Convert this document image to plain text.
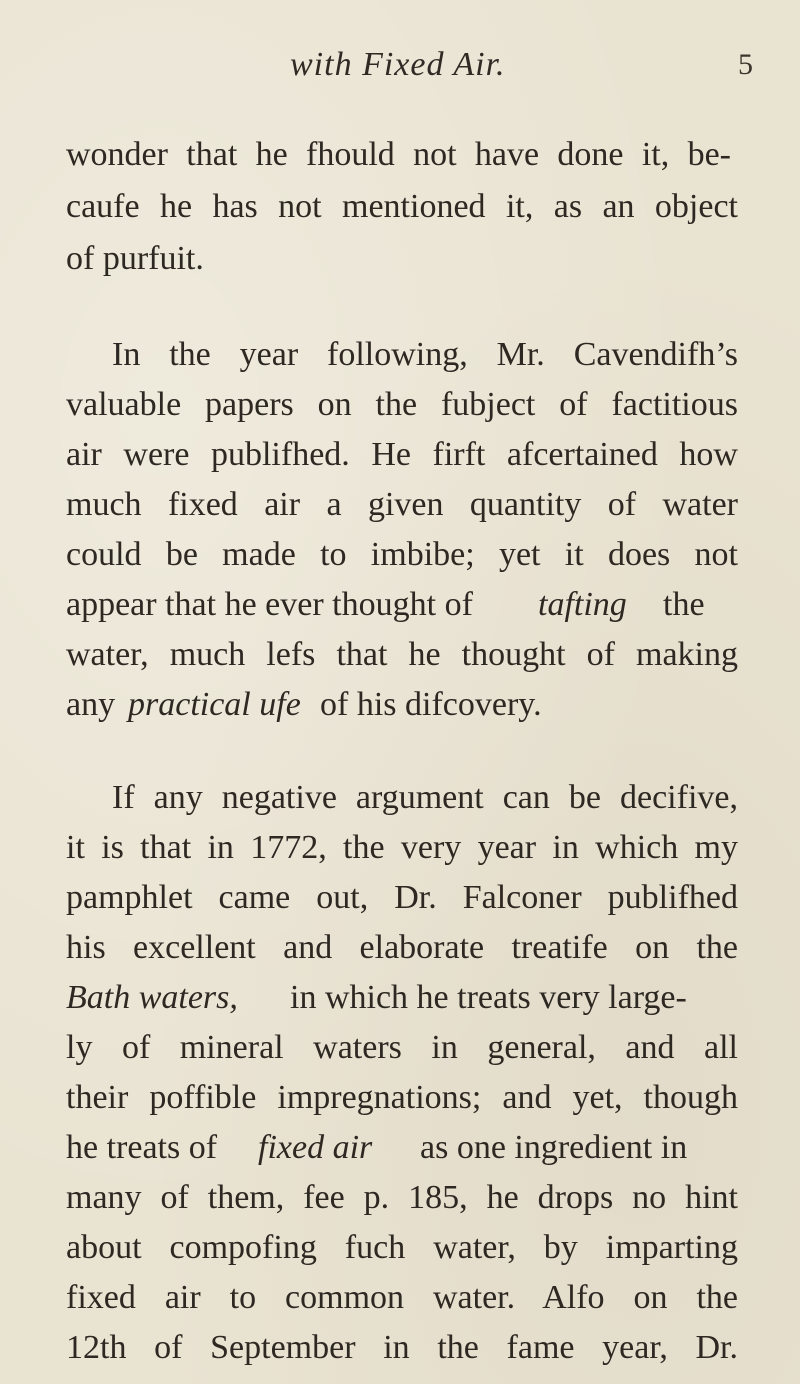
with Fixed Air.	5
wonder that he fhould not have done it, be-
caufe he has not mentioned it, as an object
of purfuit.
In the year following, Mr. Cavendifh’s
valuable papers on the fubject of factitious
air were publifhed. He firft afcertained how
much fixed air a given quantity of water
could be made to imbibe; yet it does not
appear that he ever thought of tafting the
water, much lefs that he thought of making
any practical ufe of his difcovery.
If any negative argument can be decifive,
it is that in 1772, the very year in which my
pamphlet came out, Dr. Falconer publifhed
his excellent and elaborate treatife on the
Bath waters, in which he treats very large-
ly of mineral waters in general, and all
their poffible impregnations; and yet, though
he treats of fixed air as one ingredient in
many of them, fee p. 185, he drops no hint
about compofing fuch water, by imparting
fixed air to common water. Alfo on the
12th of September in the fame year, Dr.
